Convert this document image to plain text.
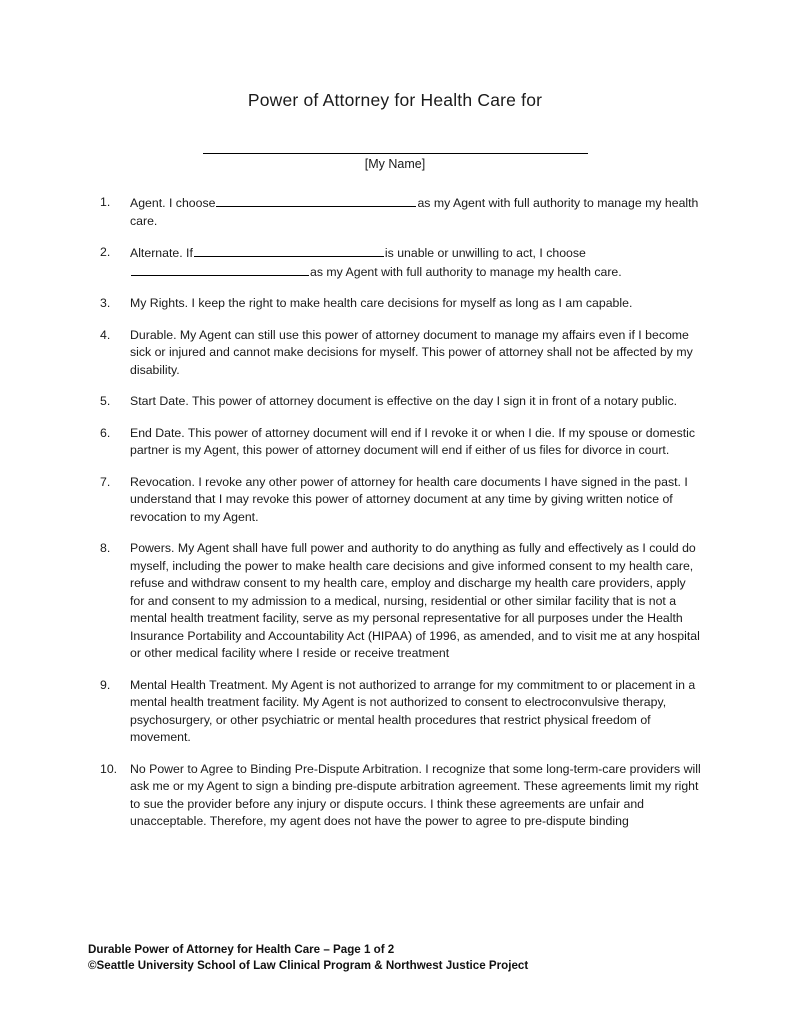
Power of Attorney for Health Care for
[My Name]
1.	Agent. I choose	as my Agent with full authority to manage my health care.
2.	Alternate. If	is unable or unwilling to act, I choose as my Agent with full authority to manage my health care.
3.	My Rights. I keep the right to make health care decisions for myself as long as I am capable.
4.	Durable. My Agent can still use this power of attorney document to manage my affairs even if I become sick or injured and cannot make decisions for myself. This power of attorney shall not be affected by my disability.
5.	Start Date. This power of attorney document is effective on the day I sign it in front of a notary public.
6.	End Date. This power of attorney document will end if I revoke it or when I die. If my spouse or domestic partner is my Agent, this power of attorney document will end if either of us files for divorce in court.
7.	Revocation. I revoke any other power of attorney for health care documents I have signed in the past. I understand that I may revoke this power of attorney document at any time by giving written notice of revocation to my Agent.
8.	Powers. My Agent shall have full power and authority to do anything as fully and effectively as I could do myself, including the power to make health care decisions and give informed consent to my health care, refuse and withdraw consent to my health care, employ and discharge my health care providers, apply for and consent to my admission to a medical, nursing, residential or other similar facility that is not a mental health treatment facility, serve as my personal representative for all purposes under the Health Insurance Portability and Accountability Act (HIPAA) of 1996, as amended, and to visit me at any hospital or other medical facility where I reside or receive treatment
9.	Mental Health Treatment. My Agent is not authorized to arrange for my commitment to or placement in a mental health treatment facility. My Agent is not authorized to consent to electroconvulsive therapy, psychosurgery, or other psychiatric or mental health procedures that restrict physical freedom of movement.
10.	No Power to Agree to Binding Pre-Dispute Arbitration. I recognize that some long-term-care providers will ask me or my Agent to sign a binding pre-dispute arbitration agreement. These agreements limit my right to sue the provider before any injury or dispute occurs. I think these agreements are unfair and unacceptable. Therefore, my agent does not have the power to agree to pre-dispute binding
Durable Power of Attorney for Health Care – Page 1 of 2
©Seattle University School of Law Clinical Program & Northwest Justice Project
